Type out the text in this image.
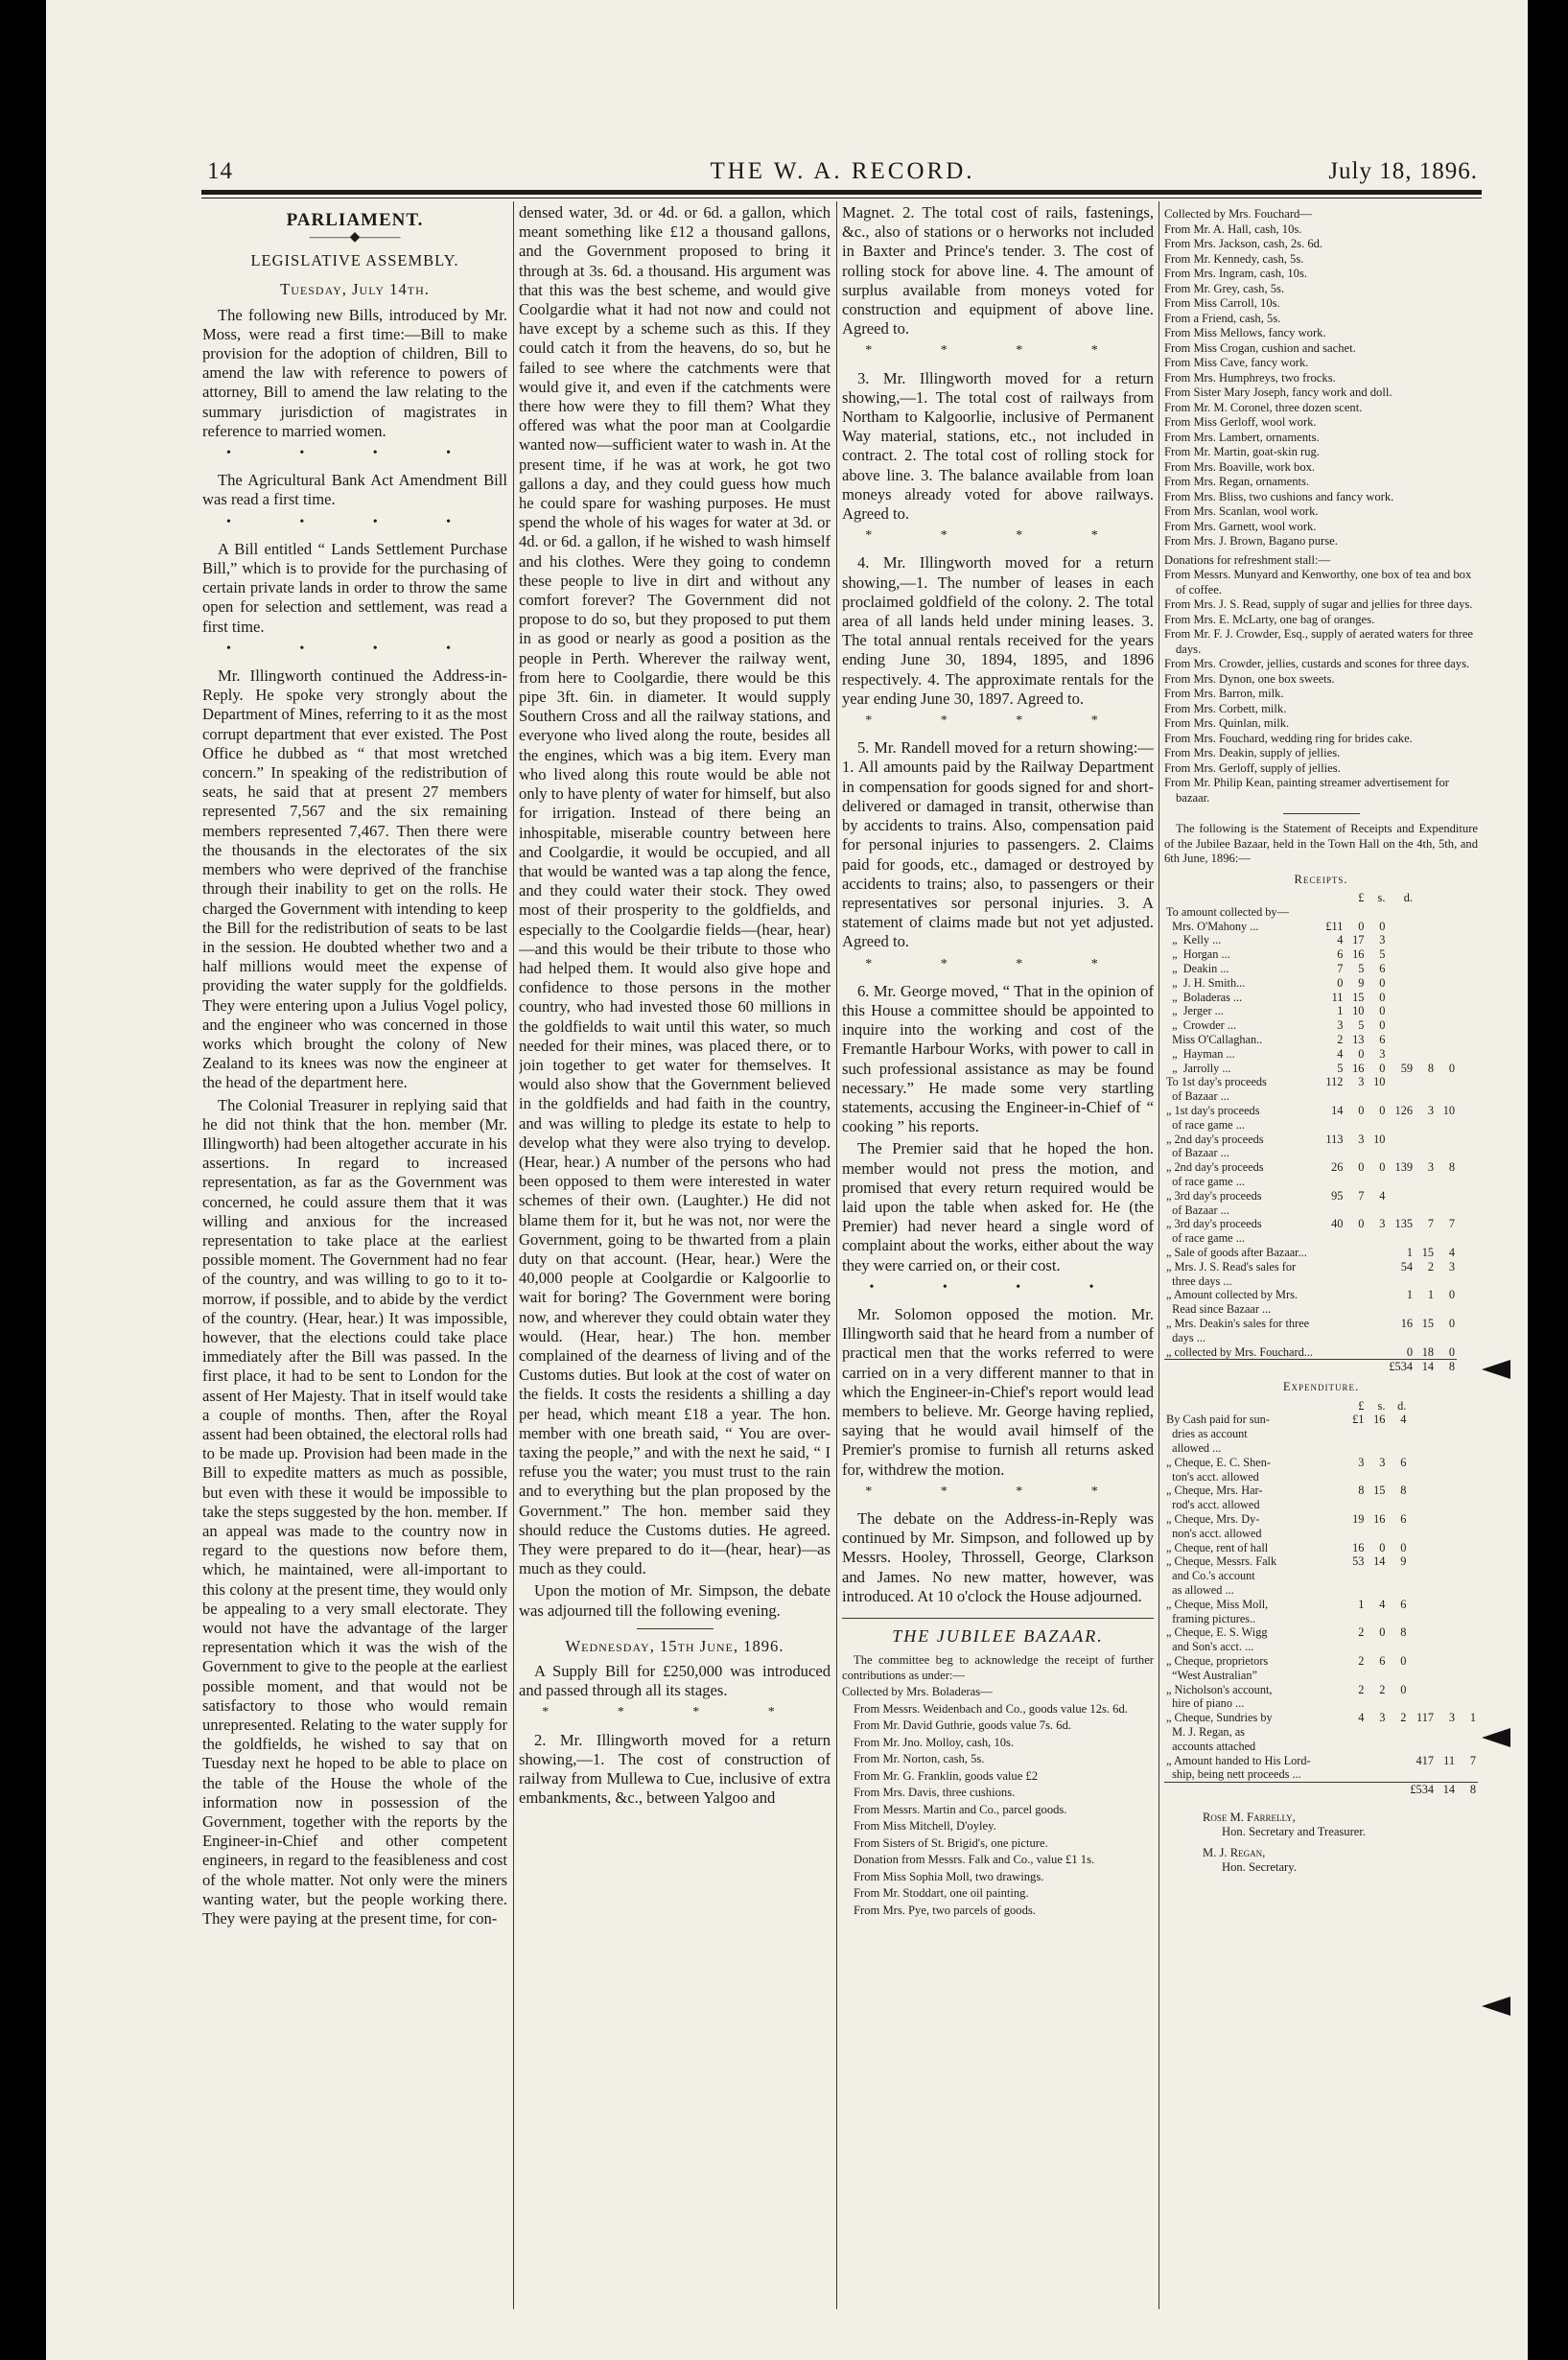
14	THE W. A. RECORD.	July 18, 1896.
PARLIAMENT.
———◆———
LEGISLATIVE ASSEMBLY.
Tuesday, July 14th.

The following new Bills, introduced by Mr. Moss, were read a first time:—Bill to make provision for the adoption of children, Bill to amend the law with reference to powers of attorney, Bill to amend the law relating to the summary jurisdiction of magistrates in reference to married women.

• • • •

The Agricultural Bank Act Amendment Bill was read a first time.

• • • •

A Bill entitled “ Lands Settlement Purchase Bill,” which is to provide for the purchasing of certain private lands in order to throw the same open for selection and settlement, was read a first time.

• • • •

Mr. Illingworth continued the Address-in-Reply. He spoke very strongly about the Department of Mines, referring to it as the most corrupt department that ever existed. The Post Office he dubbed as “ that most wretched concern.” In speaking of the redistribution of seats, he said that at present 27 members represented 7,567 and the six remaining members represented 7,467. Then there were the thousands in the electorates of the six members who were deprived of the franchise through their inability to get on the rolls. He charged the Government with intending to keep the Bill for the redistribution of seats to be last in the session. He doubted whether two and a half millions would meet the expense of providing the water supply for the goldfields. They were entering upon a Julius Vogel policy, and the engineer who was concerned in those works which brought the colony of New Zealand to its knees was now the engineer at the head of the department here.

The Colonial Treasurer in replying said that he did not think that the hon. member (Mr. Illingworth) had been altogether accurate in his assertions. In regard to increased representation, as far as the Government was concerned, he could assure them that it was willing and anxious for the increased representation to take place at the earliest possible moment. The Government had no fear of the country, and was willing to go to it to-morrow, if possible, and to abide by the verdict of the country. (Hear, hear.) It was impossible, however, that the elections could take place immediately after the Bill was passed. In the first place, it had to be sent to London for the assent of Her Majesty. That in itself would take a couple of months. Then, after the Royal assent had been obtained, the electoral rolls had to be made up. Provision had been made in the Bill to expedite matters as much as possible, but even with these it would be impossible to take the steps suggested by the hon. member. If an appeal was made to the country now in regard to the questions now before them, which, he maintained, were all-important to this colony at the present time, they would only be appealing to a very small electorate. They would not have the advantage of the larger representation which it was the wish of the Government to give to the people at the earliest possible moment, and that would not be satisfactory to those who would remain unrepresented. Relating to the water supply for the goldfields, he wished to say that on Tuesday next he hoped to be able to place on the table of the House the whole of the information now in possession of the Government, together with the reports by the Engineer-in-Chief and other competent engineers, in regard to the feasibleness and cost of the whole matter. Not only were the miners wanting water, but the people working there. They were paying at the present time, for con-

densed water, 3d. or 4d. or 6d. a gallon, which meant something like £12 a thousand gallons, and the Government proposed to bring it through at 3s. 6d. a thousand. His argument was that this was the best scheme, and would give Coolgardie what it had not now and could not have except by a scheme such as this. If they could catch it from the heavens, do so, but he failed to see where the catchments were that would give it, and even if the catchments were there how were they to fill them? What they offered was what the poor man at Coolgardie wanted now—sufficient water to wash in. At the present time, if he was at work, he got two gallons a day, and they could guess how much he could spare for washing purposes. He must spend the whole of his wages for water at 3d. or 4d. or 6d. a gallon, if he wished to wash himself and his clothes. Were they going to condemn these people to live in dirt and without any comfort forever? The Government did not propose to do so, but they proposed to put them in as good or nearly as good a position as the people in Perth. Wherever the railway went, from here to Coolgardie, there would be this pipe 3ft. 6in. in diameter. It would supply Southern Cross and all the railway stations, and everyone who lived along the route, besides all the engines, which was a big item. Every man who lived along this route would be able not only to have plenty of water for himself, but also for irrigation. Instead of there being an inhospitable, miserable country between here and Coolgardie, it would be occupied, and all that would be wanted was a tap along the fence, and they could water their stock. They owed most of their prosperity to the goldfields, and especially to the Coolgardie fields—(hear, hear)—and this would be their tribute to those who had helped them. It would also give hope and confidence to those persons in the mother country, who had invested those 60 millions in the goldfields to wait until this water, so much needed for their mines, was placed there, or to join together to get water for themselves. It would also show that the Government believed in the goldfields and had faith in the country, and was willing to pledge its estate to help to develop what they were also trying to develop. (Hear, hear.) A number of the persons who had been opposed to them were interested in water schemes of their own. (Laughter.) He did not blame them for it, but he was not, nor were the Government, going to be thwarted from a plain duty on that account. (Hear, hear.) Were the 40,000 people at Coolgardie or Kalgoorlie to wait for boring? The Government were boring now, and wherever they could obtain water they would. (Hear, hear.) The hon. member complained of the dearness of living and of the Customs duties. But look at the cost of water on the fields. It costs the residents a shilling a day per head, which meant £18 a year. The hon. member with one breath said, “ You are over-taxing the people,” and with the next he said, “ I refuse you the water; you must trust to the rain and to everything but the plan proposed by the Government.” The hon. member said they should reduce the Customs duties. He agreed. They were prepared to do it—(hear, hear)—as much as they could.

Upon the motion of Mr. Simpson, the debate was adjourned till the following evening.

Wednesday, 15th June, 1896.

A Supply Bill for £250,000 was introduced and passed through all its stages.

* * * *

2. Mr. Illingworth moved for a return showing,—1. The cost of construction of railway from Mullewa to Cue, inclusive of extra embankments, &c., between Yalgoo and

Magnet. 2. The total cost of rails, fastenings, &c., also of stations or o herworks not included in Baxter and Prince's tender. 3. The cost of rolling stock for above line. 4. The amount of surplus available from moneys voted for construction and equipment of above line. Agreed to.

* * * *

3. Mr. Illingworth moved for a return showing,—1. The total cost of railways from Northam to Kalgoorlie, inclusive of Permanent Way material, stations, etc., not included in contract. 2. The total cost of rolling stock for above line. 3. The balance available from loan moneys already voted for above railways. Agreed to.

* * * *

4. Mr. Illingworth moved for a return showing,—1. The number of leases in each proclaimed goldfield of the colony. 2. The total area of all lands held under mining leases. 3. The total annual rentals received for the years ending June 30, 1894, 1895, and 1896 respectively. 4. The approximate rentals for the year ending June 30, 1897. Agreed to.

* * * *

5. Mr. Randell moved for a return showing:—1. All amounts paid by the Railway Department in compensation for goods signed for and short-delivered or damaged in transit, otherwise than by accidents to trains. Also, compensation paid for personal injuries to passengers. 2. Claims paid for goods, etc., damaged or destroyed by accidents to trains; also, to passengers or their representatives sor personal injuries. 3. A statement of claims made but not yet adjusted. Agreed to.

* * * *

6. Mr. George moved, “ That in the opinion of this House a committee should be appointed to inquire into the working and cost of the Fremantle Harbour Works, with power to call in such professional assistance as may be found necessary.” He made some very startling statements, accusing the Engineer-in-Chief of “ cooking ” his reports.

The Premier said that he hoped the hon. member would not press the motion, and promised that every return required would be laid upon the table when asked for. He (the Premier) had never heard a single word of complaint about the works, either about the way they were carried on, or their cost.

• • • •

Mr. Solomon opposed the motion. Mr. Illingworth said that he heard from a number of practical men that the works referred to were carried on in a very different manner to that in which the Engineer-in-Chief's report would lead members to believe. Mr. George having replied, saying that he would avail himself of the Premier's promise to furnish all returns asked for, withdrew the motion.

* * * *

The debate on the Address-in-Reply was continued by Mr. Simpson, and followed up by Messrs. Hooley, Throssell, George, Clarkson and James. No new matter, however, was introduced. At 10 o'clock the House adjourned.

THE JUBILEE BAZAAR.

The committee beg to acknowledge the receipt of further contributions as under:—

Collected by Mrs. Boladeras—

From Messrs. Weidenbach and Co., goods value 12s. 6d.

From Mr. David Guthrie, goods value 7s. 6d.

From Mr. Jno. Molloy, cash, 10s.

From Mr. Norton, cash, 5s.

From Mr. G. Franklin, goods value £2

From Mrs. Davis, three cushions.

From Messrs. Martin and Co., parcel goods.

From Miss Mitchell, D'oyley.

From Sisters of St. Brigid's, one picture.

Donation from Messrs. Falk and Co., value £1 1s.

From Miss Sophia Moll, two drawings.

From Mr. Stoddart, one oil painting.

From Mrs. Pye, two parcels of goods.

Collected by Mrs. Fouchard—

From Mr. A. Hall, cash, 10s.

From Mrs. Jackson, cash, 2s. 6d.

From Mr. Kennedy, cash, 5s.

From Mrs. Ingram, cash, 10s.

From Mr. Grey, cash, 5s.

From Miss Carroll, 10s.

From a Friend, cash, 5s.

From Miss Mellows, fancy work.

From Miss Crogan, cushion and sachet.

From Miss Cave, fancy work.

From Mrs. Humphreys, two frocks.

From Sister Mary Joseph, fancy work and doll.

From Mr. M. Coronel, three dozen scent.

From Miss Gerloff, wool work.

From Mrs. Lambert, ornaments.

From Mr. Martin, goat-skin rug.

From Mrs. Boaville, work box.

From Mrs. Regan, ornaments.

From Mrs. Bliss, two cushions and fancy work.

From Mrs. Scanlan, wool work.

From Mrs. Garnett, wool work.

From Mrs. J. Brown, Bagano purse.

Donations for refreshment stall:—

From Messrs. Munyard and Kenworthy, one box of tea and box of coffee.

From Mrs. J. S. Read, supply of sugar and jellies for three days.

From Mrs. E. McLarty, one bag of oranges.

From Mr. F. J. Crowder, Esq., supply of aerated waters for three days.

From Mrs. Crowder, jellies, custards and scones for three days.

From Mrs. Dynon, one box sweets.

From Mrs. Barron, milk.

From Mrs. Corbett, milk.

From Mrs. Quinlan, milk.

From Mrs. Fouchard, wedding ring for brides cake.

From Mrs. Deakin, supply of jellies.

From Mrs. Gerloff, supply of jellies.

From Mr. Philip Kean, painting streamer advertisement for bazaar.

The following is the Statement of Receipts and Expenditure of the Jubilee Bazaar, held in the Town Hall on the 4th, 5th, and 6th June, 1896:—

Receipts.
		£	s.	d.			
To amount collected by—							
Mrs. O'Mahony ...	£11	0	0				
„  Kelly ...	4	17	3				
„  Horgan ...	6	16	5				
„  Deakin ...	7	5	6				
„  J. H. Smith...	0	9	0				
„  Boladeras ...	11	15	0				
„  Jerger ...	1	10	0				
„  Crowder ...	3	5	0				
Miss O'Callaghan..	2	13	6				
„  Hayman ...	4	0	3				
„  Jarrolly ...	5	16	0	59	8	0	
To 1st day's proceeds
of Bazaar ...	112	3	10				
„ 1st day's proceeds
of race game ...	14	0	0	126	3	10	
„ 2nd day's proceeds
of Bazaar ...	113	3	10				
„ 2nd day's proceeds
of race game ...	26	0	0	139	3	8	
„ 3rd day's proceeds
of Bazaar ...	95	7	4				
„ 3rd day's proceeds
of race game ...	40	0	3	135	7	7	
„ Sale of goods after Bazaar...				1	15	4	
„ Mrs. J. S. Read's sales for
three days ...				54	2	3	
„ Amount collected by Mrs.
Read since Bazaar ...				1	1	0	
„ Mrs. Deakin's sales for three
days ...				16	15	0	
„ collected by Mrs. Fouchard...				0	18	0	
				£534	14	8	
Expenditure.
	£	s.	d.			
By Cash paid for sun-
dries as account
allowed ...	£1	16	4			
„ Cheque, E. C. Shen-
ton's acct. allowed	3	3	6			
„ Cheque, Mrs. Har-
rod's acct. allowed	8	15	8			
„ Cheque, Mrs. Dy-
non's acct. allowed	19	16	6			
„ Cheque, rent of hall	16	0	0			
„ Cheque, Messrs. Falk
and Co.'s account
as allowed ...	53	14	9			
„ Cheque, Miss Moll,
framing pictures..	1	4	6			
„ Cheque, E. S. Wigg
and Son's acct. ...	2	0	8			
„ Cheque, proprietors
“West Australian”	2	6	0			
„ Nicholson's account,
hire of piano ...	2	2	0			
„ Cheque, Sundries by
M. J. Regan, as
accounts attached	4	3	2	117	3	1
„ Amount handed to His Lord-
ship, being nett proceeds ...				417	11	7
				£534	14	8
Rose M. Farrelly,
Hon. Secretary and Treasurer.
M. J. Regan,
Hon. Secretary.
